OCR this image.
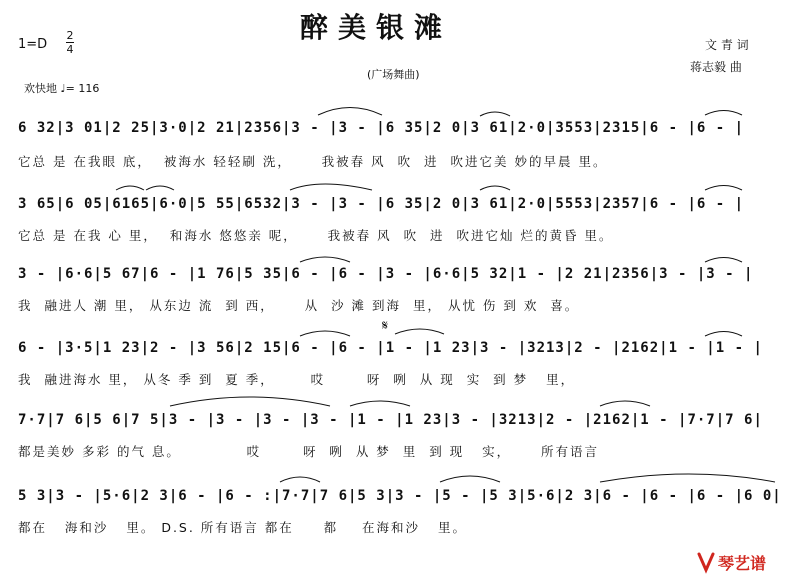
醉美银滩
(广场舞曲)
1=D
2
4
欢快地 ♩= 116
文 青 词
蒋志毅 曲
6 32|3 01|2 25|3·0|2 21|2356|3 - |3 - |6 35|2 0|3 61|2·0|3553|2315|6 - |6 - |
它总 是 在我眼 底，  被海水 轻轻刷 洗，     我被春 风  吹  进  吹进它美 妙的早晨 里。
3 65|6 05|6165|6·0|5 55|6532|3 - |3 - |6 35|2 0|3 61|2·0|5553|2357|6 - |6 - |
它总 是 在我 心 里，  和海水 悠悠亲 呢，     我被春 风  吹  进  吹进它灿 烂的黄昏 里。
3 - |6·6|5 67|6 - |1 76|5 35|6 - |6 - |3 - |6·6|5 32|1 - |2 21|2356|3 - |3 - |
我  融进人 潮 里， 从东边 流  到 西，     从  沙 滩 到海  里， 从忧 伤 到 欢  喜。
𝄋
6 - |3·5|1 23|2 - |3 56|2 15|6 - |6 - |1 - |1 23|3 - |3213|2 - |2162|1 - |1 - |
我  融进海水 里， 从冬 季 到  夏 季，      哎       呀  咧  从 现  实  到 梦   里，
7·7|7 6|5 6|7 5|3 - |3 - |3 - |3 - |1 - |1 23|3 - |3213|2 - |2162|1 - |7·7|7 6|
都是美妙 多彩 的气 息。           哎       呀  咧  从 梦  里  到 现   实，     所有语言
5 3|3 - |5·6|2 3|6 - |6 - :|7·7|7 6|5 3|3 - |5 - |5 3|5·6|2 3|6 - |6 - |6 - |6 0|
都在   海和沙   里。 D.S. 所有语言 都在     都    在海和沙   里。
琴艺谱
